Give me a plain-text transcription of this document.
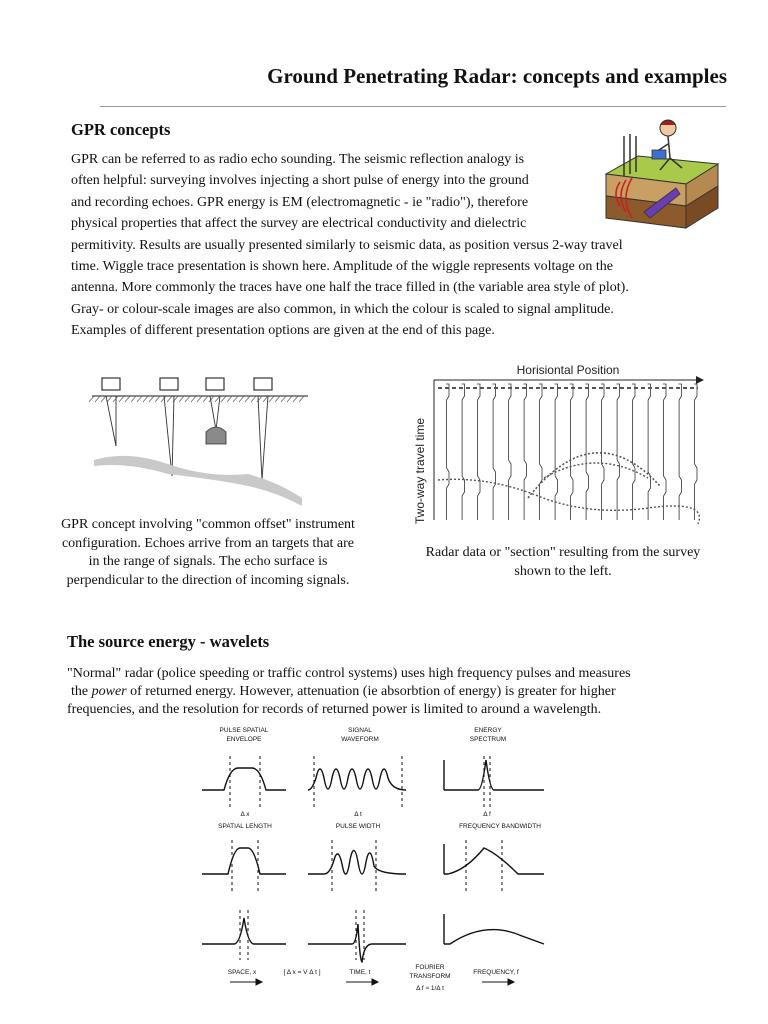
Ground Penetrating Radar: concepts and examples
GPR concepts

GPR can be referred to as radio echo sounding. The seismic reflection analogy is

often helpful: surveying involves injecting a short pulse of energy into the ground

and recording echoes. GPR energy is EM (electromagnetic - ie "radio"), therefore

physical properties that affect the survey are electrical conductivity and dielectric

permitivity. Results are usually presented similarly to seismic data, as position versus 2-way travel

time. Wiggle trace presentation is shown here. Amplitude of the wiggle represents voltage on the

antenna. More commonly the traces have one half the trace filled in (the variable area style of plot).

Gray- or colour-scale images are also common, in which the colour is scaled to signal amplitude.

Examples of different presentation options are given at the end of this page.

GPR concept involving "common offset" instrument configuration. Echoes arrive from an targets that are in the range of signals. The echo surface is perpendicular to the direction of incoming signals.
Horisiontal Position
Two-way travel time
Radar data or "section" resulting from the survey shown to the left.
The source energy - wavelets

"Normal" radar (police speeding or traffic control systems) uses high frequency pulses and measures

the power of returned energy. However, attenuation (ie absorbtion of energy) is greater for higher

frequencies, and the resolution for records of returned power is limited to around a wavelength.

PULSE SPATIAL
ENVELOPE
SIGNAL
WAVEFORM
ENERGY
SPECTRUM
Δ x
SPATIAL LENGTH
Δ t
PULSE WIDTH
Δ f
FREQUENCY BANDWIDTH
SPACE, x	[ Δ x = V Δ t ]	TIME, t
FOURIER
TRANSFORM
Δ f ≈ 1/Δ t
FREQUENCY, f
